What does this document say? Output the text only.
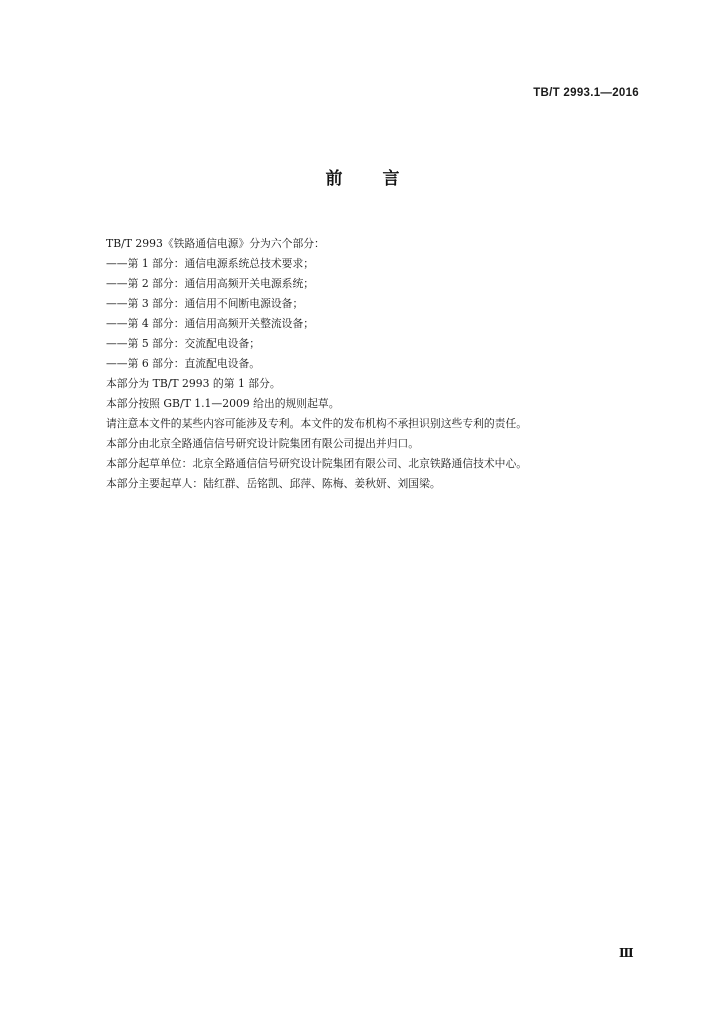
TB/T 2993.1—2016
前言
TB/T 2993《铁路通信电源》分为六个部分：
——第 1 部分：通信电源系统总技术要求；
——第 2 部分：通信用高频开关电源系统；
——第 3 部分：通信用不间断电源设备；
——第 4 部分：通信用高频开关整流设备；
——第 5 部分：交流配电设备；
——第 6 部分：直流配电设备。
本部分为 TB/T 2993 的第 1 部分。
本部分按照 GB/T 1.1—2009 给出的规则起草。
请注意本文件的某些内容可能涉及专利。本文件的发布机构不承担识别这些专利的责任。
本部分由北京全路通信信号研究设计院集团有限公司提出并归口。
本部分起草单位：北京全路通信信号研究设计院集团有限公司、北京铁路通信技术中心。
本部分主要起草人：陆红群、岳铭凯、邱萍、陈梅、姜秋妍、刘国梁。
Ⅲ
